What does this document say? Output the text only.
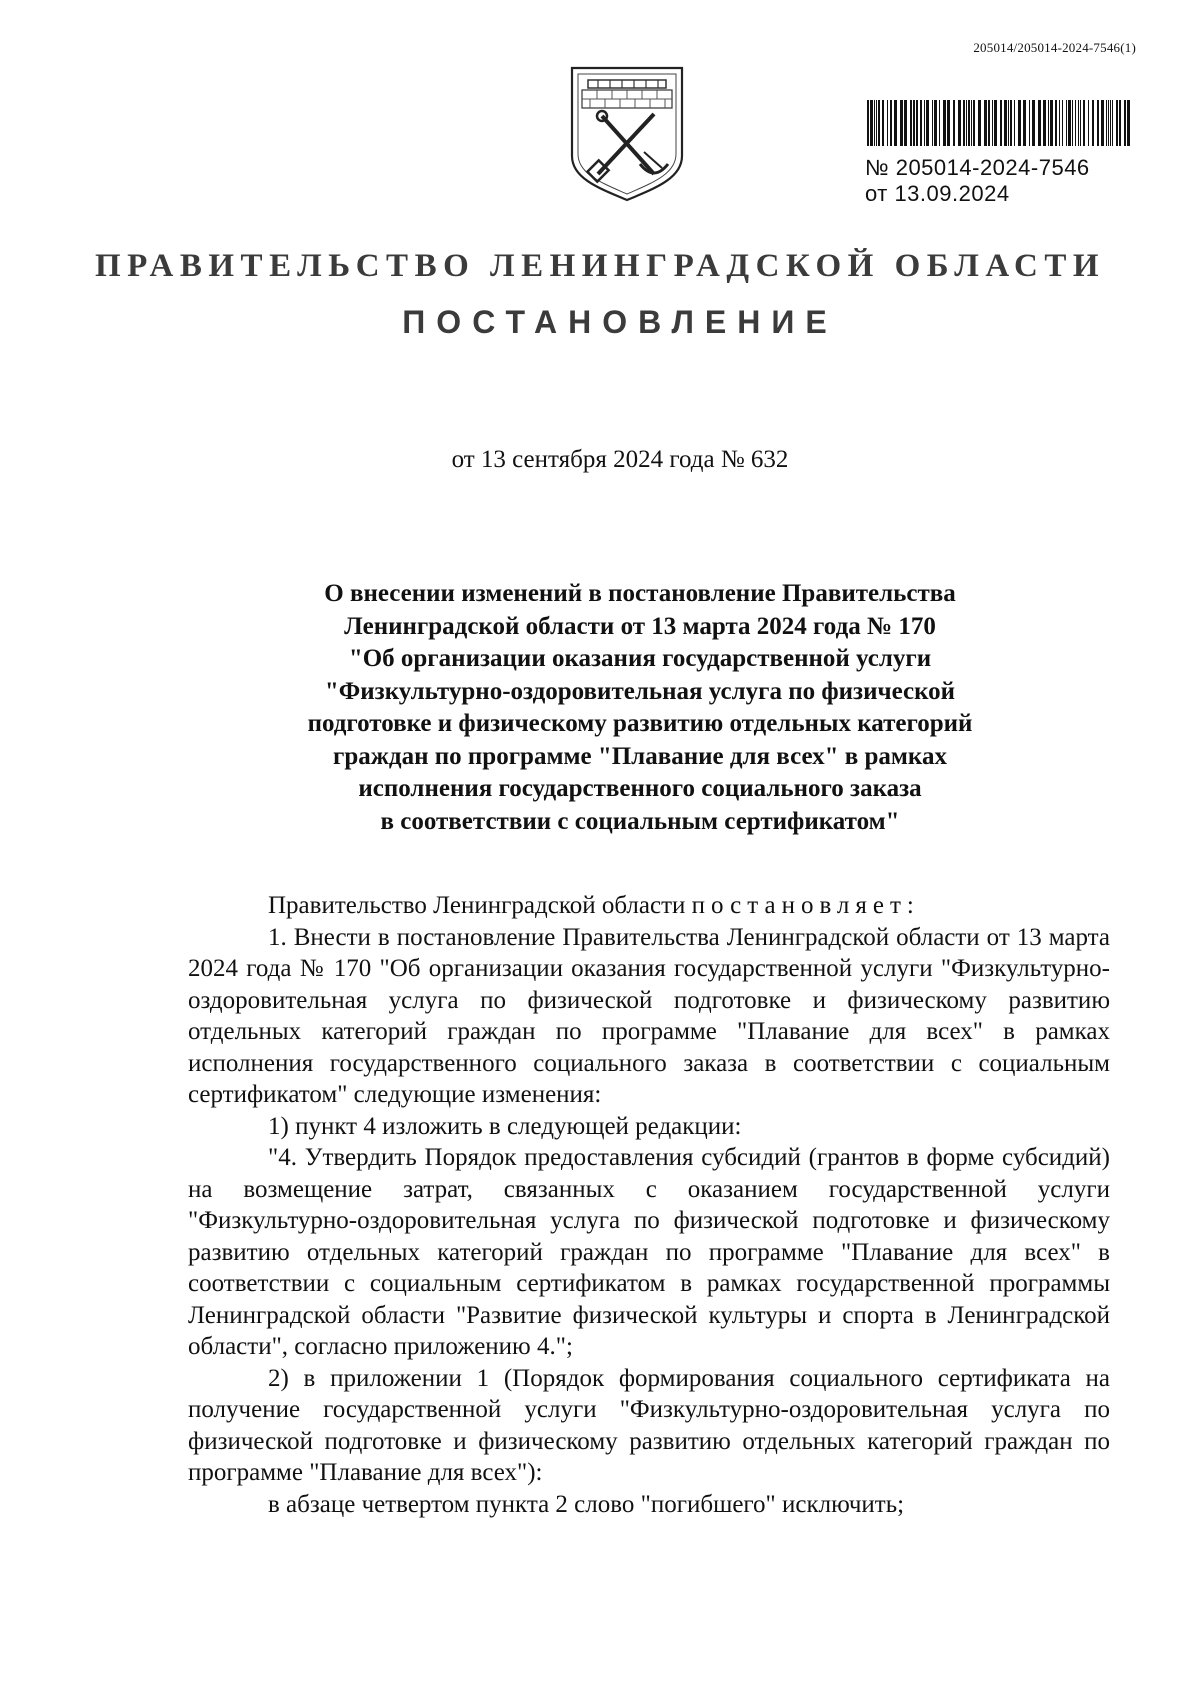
205014/205014-2024-7546(1)
№ 205014-2024-7546
от 13.09.2024
ПРАВИТЕЛЬСТВО ЛЕНИНГРАДСКОЙ ОБЛАСТИ
ПОСТАНОВЛЕНИЕ
от 13 сентября 2024 года № 632
О внесении изменений в постановление Правительства
Ленинградской области от 13 марта 2024 года № 170
"Об организации оказания государственной услуги
"Физкультурно-оздоровительная услуга по физической
подготовке и физическому развитию отдельных категорий
граждан по программе "Плавание для всех" в рамках
исполнения государственного социального заказа
в соответствии с социальным сертификатом"
Правительство Ленинградской области постановляет:
1. Внести в постановление Правительства Ленинградской области от 13 марта 2024 года № 170 "Об организации оказания государственной услуги "Физкультурно-оздоровительная услуга по физической подготовке и физическому развитию отдельных категорий граждан по программе "Плавание для всех" в рамках исполнения государственного социального заказа в соответствии с социальным сертификатом" следующие изменения:
1) пункт 4 изложить в следующей редакции:
"4. Утвердить Порядок предоставления субсидий (грантов в форме субсидий) на возмещение затрат, связанных с оказанием государственной услуги "Физкультурно-оздоровительная услуга по физической подготовке и физическому развитию отдельных категорий граждан по программе "Плавание для всех" в соответствии с социальным сертификатом в рамках государственной программы Ленинградской области "Развитие физической культуры и спорта в Ленинградской области", согласно приложению 4.";
2) в приложении 1 (Порядок формирования социального сертификата на получение государственной услуги "Физкультурно-оздоровительная услуга по физической подготовке и физическому развитию отдельных категорий граждан по программе "Плавание для всех"):
в абзаце четвертом пункта 2 слово "погибшего" исключить;
